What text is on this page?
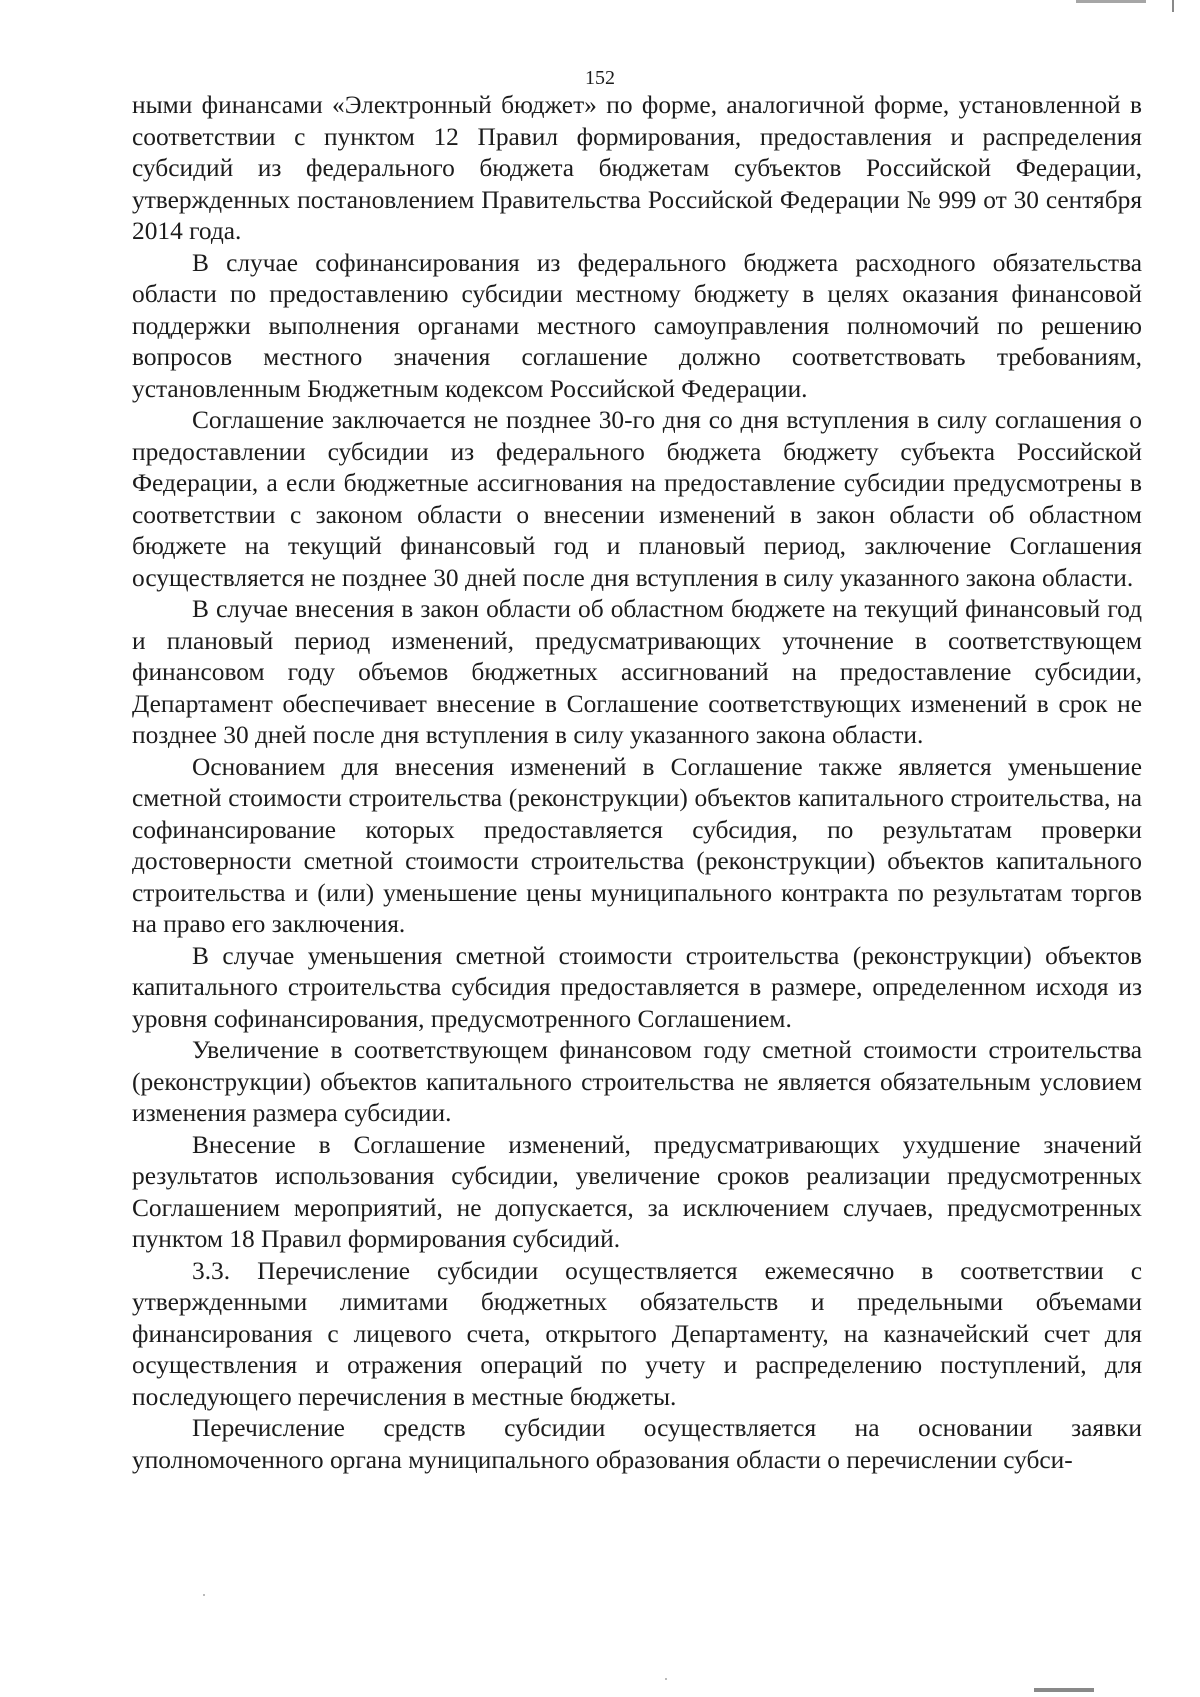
152

ными финансами «Электронный бюджет» по форме, аналогичной форме, установленной в соответствии с пунктом 12 Правил формирования, предоставления и распределения субсидий из федерального бюджета бюджетам субъектов Российской Федерации, утвержденных постановлением Правительства Российской Федерации № 999 от 30 сентября 2014 года.

В случае софинансирования из федерального бюджета расходного обязательства области по предоставлению субсидии местному бюджету в целях оказания финансовой поддержки выполнения органами местного самоуправления полномочий по решению вопросов местного значения соглашение должно соответствовать требованиям, установленным Бюджетным кодексом Российской Федерации.

Соглашение заключается не позднее 30-го дня со дня вступления в силу соглашения о предоставлении субсидии из федерального бюджета бюджету субъекта Российской Федерации, а если бюджетные ассигнования на предоставление субсидии предусмотрены в соответствии с законом области о внесении изменений в закон области об областном бюджете на текущий финансовый год и плановый период, заключение Соглашения осуществляется не позднее 30 дней после дня вступления в силу указанного закона области.

В случае внесения в закон области об областном бюджете на текущий финансовый год и плановый период изменений, предусматривающих уточнение в соответствующем финансовом году объемов бюджетных ассигнований на предоставление субсидии, Департамент обеспечивает внесение в Соглашение соответствующих изменений в срок не позднее 30 дней после дня вступления в силу указанного закона области.

Основанием для внесения изменений в Соглашение также является уменьшение сметной стоимости строительства (реконструкции) объектов капитального строительства, на софинансирование которых предоставляется субсидия, по результатам проверки достоверности сметной стоимости строительства (реконструкции) объектов капитального строительства и (или) уменьшение цены муниципального контракта по результатам торгов на право его заключения.

В случае уменьшения сметной стоимости строительства (реконструкции) объектов капитального строительства субсидия предоставляется в размере, определенном исходя из уровня софинансирования, предусмотренного Соглашением.

Увеличение в соответствующем финансовом году сметной стоимости строительства (реконструкции) объектов капитального строительства не является обязательным условием изменения размера субсидии.

Внесение в Соглашение изменений, предусматривающих ухудшение значений результатов использования субсидии, увеличение сроков реализации предусмотренных Соглашением мероприятий, не допускается, за исключением случаев, предусмотренных пунктом 18 Правил формирования субсидий.

3.3. Перечисление субсидии осуществляется ежемесячно в соответствии с утвержденными лимитами бюджетных обязательств и предельными объемами финансирования с лицевого счета, открытого Департаменту, на казначейский счет для осуществления и отражения операций по учету и распределению поступлений, для последующего перечисления в местные бюджеты.

Перечисление средств субсидии осуществляется на основании заявки уполномоченного органа муниципального образования области о перечислении субси-
